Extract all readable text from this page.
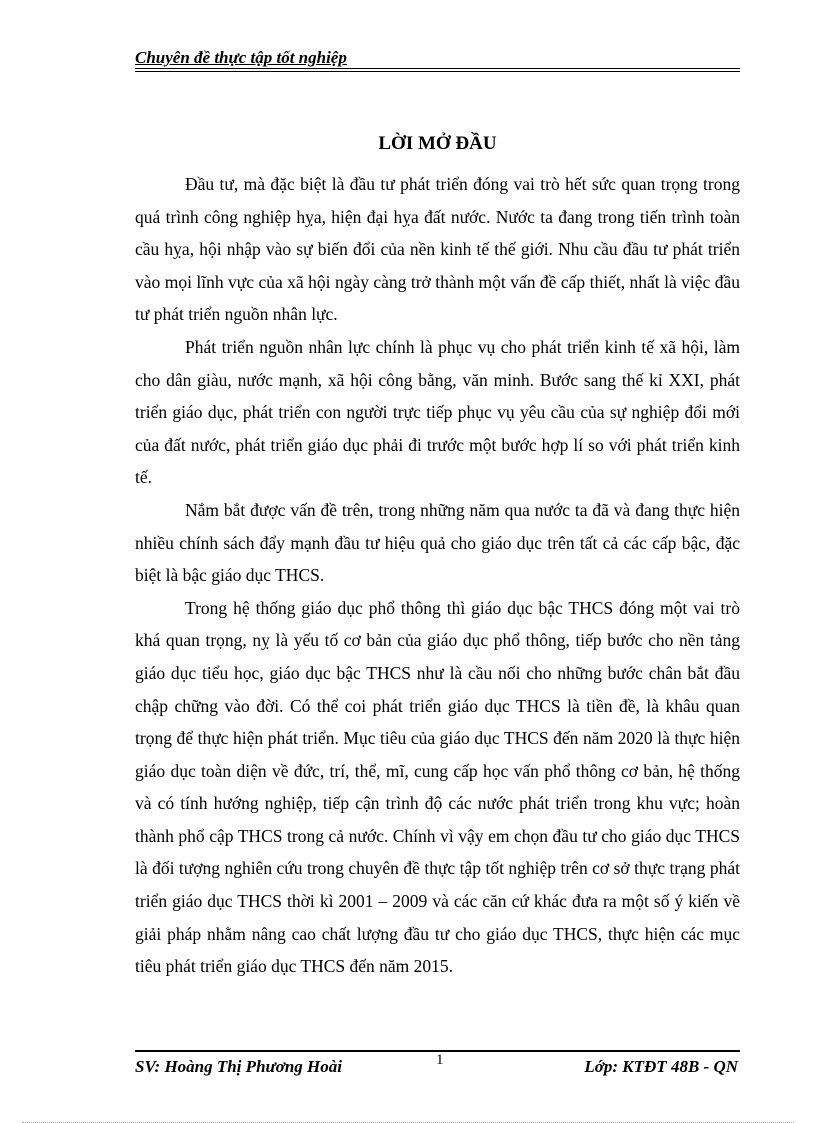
Chuyên đề thực tập tốt nghiệp
LỜI MỞ ĐẦU

Đầu tư, mà đặc biệt là đầu tư phát triển đóng vai trò hết sức quan trọng trong quá trình công nghiệp hỵa, hiện đại hỵa đất nước. Nước ta đang trong tiến trình toàn cầu hỵa, hội nhập vào sự biến đổi của nền kinh tế thế giới. Nhu cầu đầu tư phát triển vào mọi lĩnh vực của xã hội ngày càng trở thành một vấn đề cấp thiết, nhất là việc đầu tư phát triển nguồn nhân lực.

Phát triển nguồn nhân lực chính là phục vụ cho phát triển kinh tế xã hội, làm cho dân giàu, nước mạnh, xã hội công bằng, văn minh. Bước sang thế kỉ XXI, phát triển giáo dục, phát triển con người trực tiếp phục vụ yêu cầu của sự nghiệp đổi mới của đất nước, phát triển giáo dục phải đi trước một bước hợp lí so với phát triển kinh tế.

Nắm bắt được vấn đề trên, trong những năm qua nước ta đã và đang thực hiện nhiều chính sách đẩy mạnh đầu tư hiệu quả cho giáo dục trên tất cả các cấp bậc, đặc biệt là bậc giáo dục THCS.

Trong hệ thống giáo dục phổ thông thì giáo dục bậc THCS đóng một vai trò khá quan trọng, nỵ là yếu tố cơ bản của giáo dục phổ thông, tiếp bước cho nền tảng giáo dục tiểu học, giáo dục bậc THCS như là cầu nối cho những bước chân bắt đầu chập chững vào đời. Có thể coi phát triển giáo dục THCS là tiền đề, là khâu quan trọng để thực hiện phát triển. Mục tiêu của giáo dục THCS đến năm 2020 là thực hiện giáo dục toàn diện về đức, trí, thể, mĩ, cung cấp học vấn phổ thông cơ bản, hệ thống và có tính hướng nghiệp, tiếp cận trình độ các nước phát triển trong khu vực; hoàn thành phổ cập THCS trong cả nước. Chính vì vậy em chọn đầu tư cho giáo dục THCS là đối tượng nghiên cứu trong chuyên đề thực tập tốt nghiệp trên cơ sở thực trạng phát triển giáo dục THCS thời kì 2001 – 2009 và các căn cứ khác đưa ra một số ý kiến về giải pháp nhằm nâng cao chất lượng đầu tư cho giáo dục THCS, thực hiện các mục tiêu phát triển giáo dục THCS đến năm 2015.

SV: Hoàng Thị Phương Hoài	1	Lớp: KTĐT 48B - QN
